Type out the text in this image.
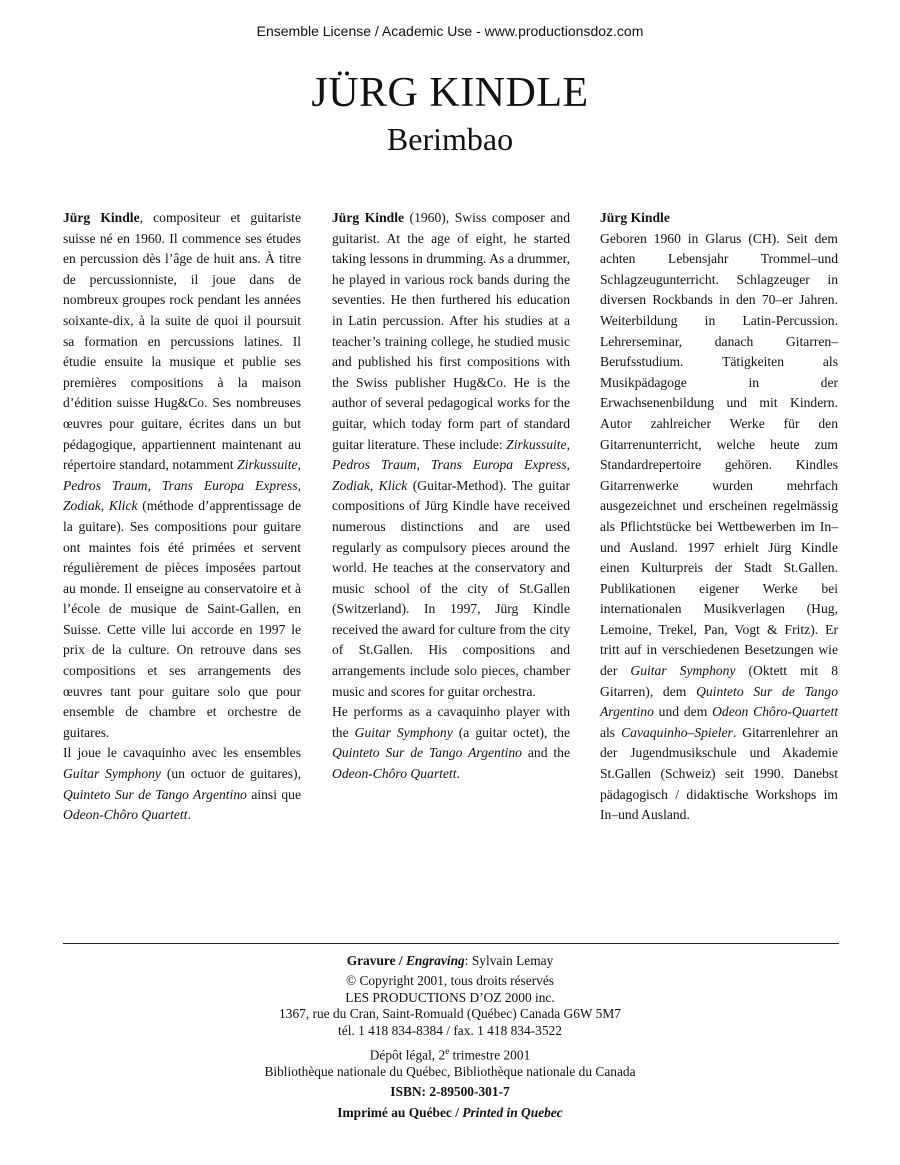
Ensemble License / Academic Use - www.productionsdoz.com
JÜRG KINDLE
Berimbao

Jürg Kindle, compositeur et guitariste suisse né en 1960. Il commence ses études en percussion dès l’âge de huit ans. À titre de percussionniste, il joue dans de nombreux groupes rock pendant les années soixante-dix, à la suite de quoi il poursuit sa formation en percussions latines. Il étudie ensuite la musique et publie ses premières compositions à la maison d’édition suisse Hug&Co. Ses nombreuses œuvres pour guitare, écrites dans un but pédagogique, appartiennent maintenant au répertoire standard, notamment Zirkussuite, Pedros Traum, Trans Europa Express, Zodiak, Klick (méthode d’apprentissage de la guitare). Ses compositions pour guitare ont maintes fois été primées et servent régulièrement de pièces imposées partout au monde. Il enseigne au conservatoire et à l’école de musique de Saint-Gallen, en Suisse. Cette ville lui accorde en 1997 le prix de la culture. On retrouve dans ses compositions et ses arrangements des œuvres tant pour guitare solo que pour ensemble de chambre et orchestre de guitares.

Il joue le cavaquinho avec les ensembles Guitar Symphony (un octuor de guitares), Quinteto Sur de Tango Argentino ainsi que Odeon-Chôro Quartett.

Jürg Kindle (1960), Swiss composer and guitarist. At the age of eight, he started taking lessons in drumming. As a drummer, he played in various rock bands during the seventies. He then furthered his education in Latin percussion. After his studies at a teacher’s training college, he studied music and published his first compositions with the Swiss publisher Hug&Co. He is the author of several pedagogical works for the guitar, which today form part of standard guitar literature. These include: Zirkussuite, Pedros Traum, Trans Europa Express, Zodiak, Klick (Guitar-Method). The guitar compositions of Jürg Kindle have received numerous distinctions and are used regularly as compulsory pieces around the world. He teaches at the conservatory and music school of the city of St.Gallen (Switzerland). In 1997, Jürg Kindle received the award for culture from the city of St.Gallen. His compositions and arrangements include solo pieces, chamber music and scores for guitar orchestra.

He performs as a cavaquinho player with the Guitar Symphony (a guitar octet), the Quinteto Sur de Tango Argentino and the Odeon-Chôro Quartett.

Jürg Kindle

Geboren 1960 in Glarus (CH). Seit dem achten Lebensjahr Trommel–und Schlagzeugunterricht. Schlagzeuger in diversen Rockbands in den 70–er Jahren. Weiterbildung in Latin-Percussion. Lehrerseminar, danach Gitarren–Berufsstudium. Tätigkeiten als Musikpädagoge in der Erwachsenenbildung und mit Kindern. Autor zahlreicher Werke für den Gitarrenunterricht, welche heute zum Standardrepertoire gehören. Kindles Gitarrenwerke wurden mehrfach ausgezeichnet und erscheinen regelmässig als Pflichtstücke bei Wettbewerben im In–und Ausland. 1997 erhielt Jürg Kindle einen Kulturpreis der Stadt St.Gallen. Publikationen eigener Werke bei internationalen Musikverlagen (Hug, Lemoine, Trekel, Pan, Vogt & Fritz). Er tritt auf in verschiedenen Besetzungen wie der Guitar Symphony (Oktett mit 8 Gitarren), dem Quinteto Sur de Tango Argentino und dem Odeon Chôro-Quartett als Cavaquinho–Spieler. Gitarrenlehrer an der Jugendmusikschule und Akademie St.Gallen (Schweiz) seit 1990. Danebst pädagogisch / didaktische Workshops im In–und Ausland.

Gravure / Engraving: Sylvain Lemay

© Copyright 2001, tous droits réservés

LES PRODUCTIONS D’OZ 2000 inc.

1367, rue du Cran, Saint-Romuald (Québec) Canada G6W 5M7

tél. 1 418 834-8384 / fax. 1 418 834-3522

Dépôt légal, 2e trimestre 2001

Bibliothèque nationale du Québec, Bibliothèque nationale du Canada

ISBN: 2-89500-301-7

Imprimé au Québec / Printed in Quebec
